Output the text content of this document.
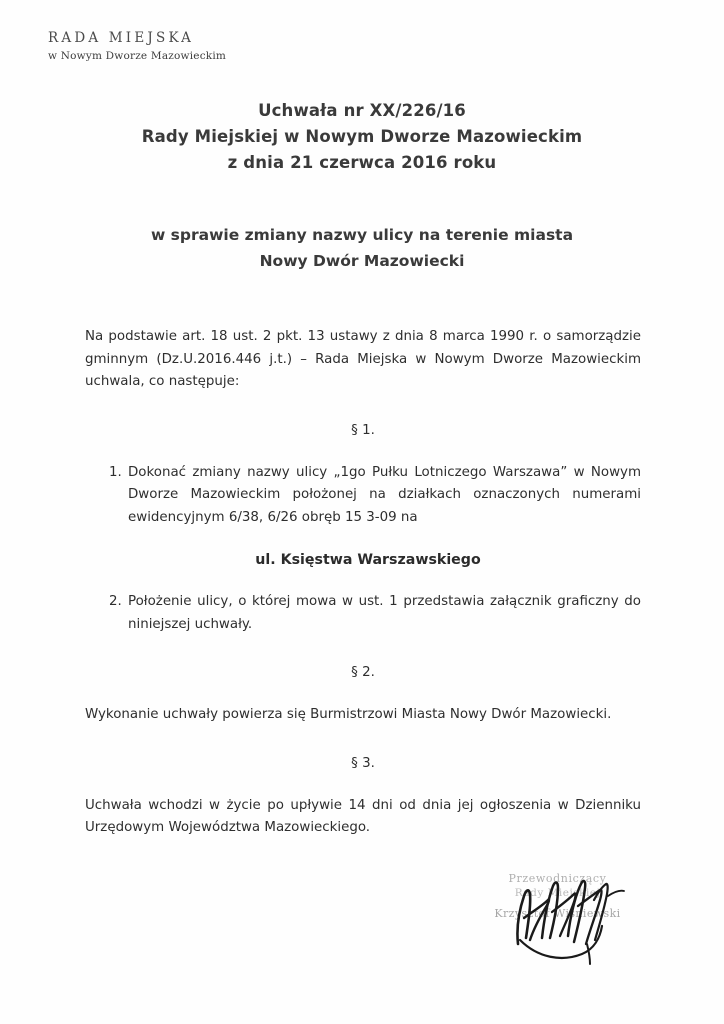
RADA MIEJSKA
w Nowym Dworze Mazowieckim
Uchwała nr XX/226/16
Rady Miejskiej w Nowym Dworze Mazowieckim
z dnia 21 czerwca 2016 roku
w sprawie zmiany nazwy ulicy na terenie miasta
Nowy Dwór Mazowiecki

Na podstawie art. 18 ust. 2 pkt. 13 ustawy z dnia 8 marca 1990 r. o samorządzie gminnym (Dz.U.2016.446 j.t.) – Rada Miejska w Nowym Dworze Mazowieckim uchwala, co następuje:

§ 1.

1. Dokonać zmiany nazwy ulicy „1go Pułku Lotniczego Warszawa” w Nowym Dworze Mazowieckim położonej na działkach oznaczonych numerami ewidencyjnym 6/38, 6/26 obręb 15 3-09 na

ul. Księstwa Warszawskiego

2. Położenie ulicy, o której mowa w ust. 1 przedstawia załącznik graficzny do niniejszej uchwały.

§ 2.

Wykonanie uchwały powierza się Burmistrzowi Miasta Nowy Dwór Mazowiecki.

§ 3.

Uchwała wchodzi w życie po upływie 14 dni od dnia jej ogłoszenia w Dzienniku Urzędowym Województwa Mazowieckiego.

Przewodniczący
Rady Miejskiej
Krzysztof Wiśniewski
